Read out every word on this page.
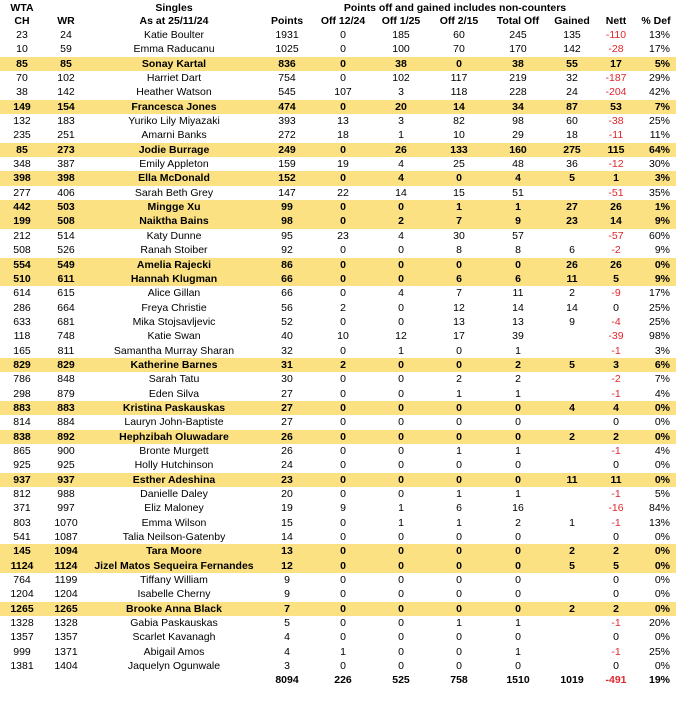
WTA		Singles		Points off and gained includes non-counters						
CH	WR	As at 25/11/24	Points	Off 12/24	Off 1/25	Off 2/15	Total Off	Gained	Nett	% Def
23	24	Katie Boulter	1931	0	185	60	245	135	-110	13%
10	59	Emma Raducanu	1025	0	100	70	170	142	-28	17%
85	85	Sonay Kartal	836	0	38	0	38	55	17	5%
70	102	Harriet Dart	754	0	102	117	219	32	-187	29%
38	142	Heather Watson	545	107	3	118	228	24	-204	42%
149	154	Francesca Jones	474	0	20	14	34	87	53	7%
132	183	Yuriko Lily Miyazaki	393	13	3	82	98	60	-38	25%
235	251	Amarni Banks	272	18	1	10	29	18	-11	11%
85	273	Jodie Burrage	249	0	26	133	160	275	115	64%
348	387	Emily Appleton	159	19	4	25	48	36	-12	30%
398	398	Ella McDonald	152	0	4	0	4	5	1	3%
277	406	Sarah Beth Grey	147	22	14	15	51		-51	35%
442	503	Mingge Xu	99	0	0	1	1	27	26	1%
199	508	Naiktha Bains	98	0	2	7	9	23	14	9%
212	514	Katy Dunne	95	23	4	30	57		-57	60%
508	526	Ranah Stoiber	92	0	0	8	8	6	-2	9%
554	549	Amelia Rajecki	86	0	0	0	0	26	26	0%
510	611	Hannah Klugman	66	0	0	6	6	11	5	9%
614	615	Alice Gillan	66	0	4	7	11	2	-9	17%
286	664	Freya Christie	56	2	0	12	14	14	0	25%
633	681	Mika Stojsavljevic	52	0	0	13	13	9	-4	25%
118	748	Katie Swan	40	10	12	17	39		-39	98%
165	811	Samantha Murray Sharan	32	0	1	0	1		-1	3%
829	829	Katherine Barnes	31	2	0	0	2	5	3	6%
786	848	Sarah Tatu	30	0	0	2	2		-2	7%
298	879	Eden Silva	27	0	0	1	1		-1	4%
883	883	Kristina Paskauskas	27	0	0	0	0	4	4	0%
814	884	Lauryn John-Baptiste	27	0	0	0	0		0	0%
838	892	Hephzibah Oluwadare	26	0	0	0	0	2	2	0%
865	900	Bronte Murgett	26	0	0	1	1		-1	4%
925	925	Holly Hutchinson	24	0	0	0	0		0	0%
937	937	Esther Adeshina	23	0	0	0	0	11	11	0%
812	988	Danielle Daley	20	0	0	1	1		-1	5%
371	997	Eliz Maloney	19	9	1	6	16		-16	84%
803	1070	Emma Wilson	15	0	1	1	2	1	-1	13%
541	1087	Talia Neilson-Gatenby	14	0	0	0	0		0	0%
145	1094	Tara Moore	13	0	0	0	0	2	2	0%
1124	1124	Jizel Matos Sequeira Fernandes	12	0	0	0	0	5	5	0%
764	1199	Tiffany William	9	0	0	0	0		0	0%
1204	1204	Isabelle Cherny	9	0	0	0	0		0	0%
1265	1265	Brooke Anna Black	7	0	0	0	0	2	2	0%
1328	1328	Gabia Paskauskas	5	0	0	1	1		-1	20%
1357	1357	Scarlet Kavanagh	4	0	0	0	0		0	0%
999	1371	Abigail Amos	4	1	0	0	1		-1	25%
1381	1404	Jaquelyn Ogunwale	3	0	0	0	0		0	0%
			8094	226	525	758	1510	1019	-491	19%
